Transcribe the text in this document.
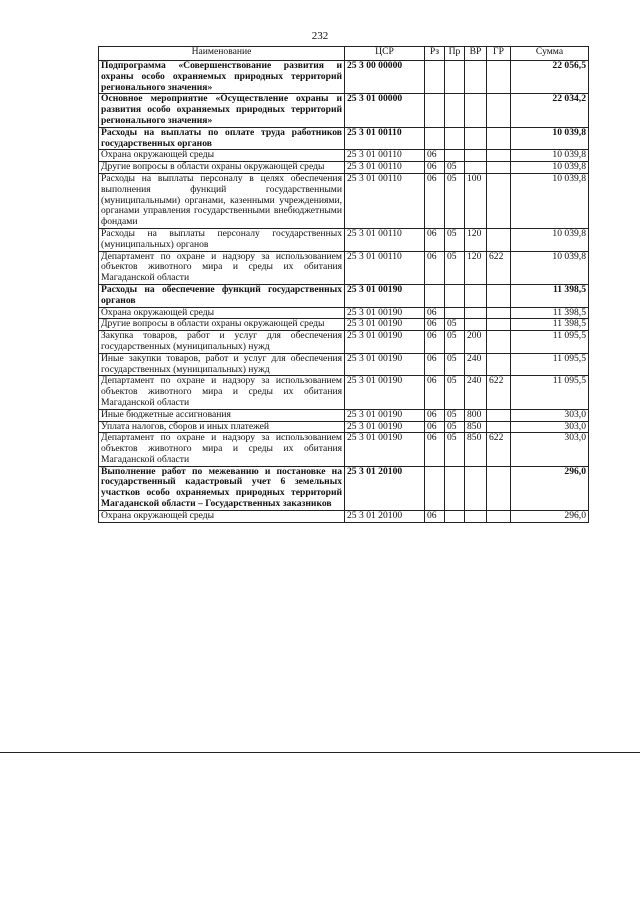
232
Наименование	ЦСР	Рз	Пр	ВР	ГР	Сумма
Подпрограмма «Совершенствование развития и охраны особо охраняемых природных территорий регионального значения»	25 3 00 00000					22 056,5
Основное мероприятие «Осуществление охраны и развития особо охраняемых природных территорий регионального значения»	25 3 01 00000					22 034,2
Расходы на выплаты по оплате труда работников государственных органов	25 3 01 00110					10 039,8
Охрана окружающей среды	25 3 01 00110	06				10 039,8
Другие вопросы в области охраны окружающей среды	25 3 01 00110	06	05			10 039,8
Расходы на выплаты персоналу в целях обеспечения выполнения функций государственными (муниципальными) органами, казенными учреждениями, органами управления государственными внебюджетными фондами	25 3 01 00110	06	05	100		10 039,8
Расходы на выплаты персоналу государственных (муниципальных) органов	25 3 01 00110	06	05	120		10 039,8
Департамент по охране и надзору за использованием объектов животного мира и среды их обитания Магаданской области	25 3 01 00110	06	05	120	622	10 039,8
Расходы на обеспечение функций государственных органов	25 3 01 00190					11 398,5
Охрана окружающей среды	25 3 01 00190	06				11 398,5
Другие вопросы в области охраны окружающей среды	25 3 01 00190	06	05			11 398,5
Закупка товаров, работ и услуг для обеспечения государственных (муниципальных) нужд	25 3 01 00190	06	05	200		11 095,5
Иные закупки товаров, работ и услуг для обеспечения государственных (муниципальных) нужд	25 3 01 00190	06	05	240		11 095,5
Департамент по охране и надзору за использованием объектов животного мира и среды их обитания Магаданской области	25 3 01 00190	06	05	240	622	11 095,5
Иные бюджетные ассигнования	25 3 01 00190	06	05	800		303,0
Уплата налогов, сборов и иных платежей	25 3 01 00190	06	05	850		303,0
Департамент по охране и надзору за использованием объектов животного мира и среды их обитания Магаданской области	25 3 01 00190	06	05	850	622	303,0
Выполнение работ по межеванию и постановке на государственный кадастровый учет 6 земельных участков особо охраняемых природных территорий Магаданской области – Государственных заказников	25 3 01 20100					296,0
Охрана окружающей среды	25 3 01 20100	06				296,0
